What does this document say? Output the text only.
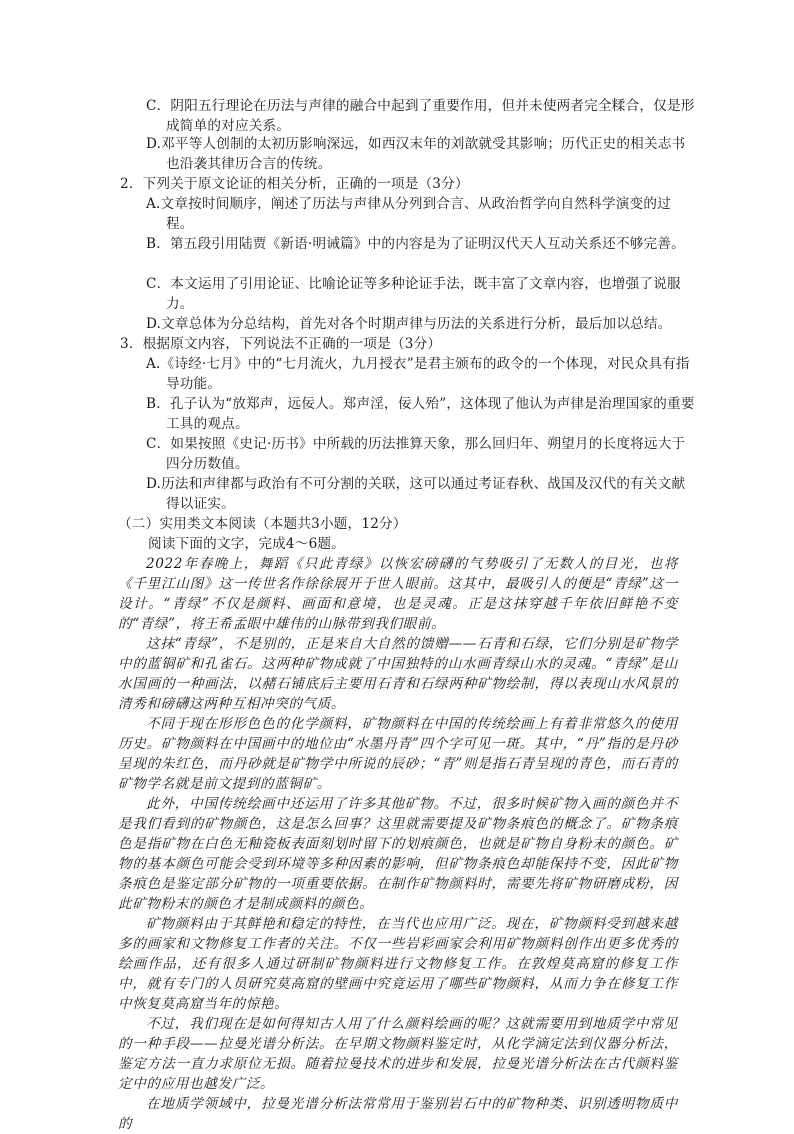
C．阴阳五行理论在历法与声律的融合中起到了重要作用，但并未使两者完全糅合，仅是形成简单的对应关系。
D.邓平等人创制的太初历影响深远，如西汉末年的刘歆就受其影响；历代正史的相关志书也沿袭其律历合言的传统。
2．下列关于原文论证的相关分析，正确的一项是（3分）
A.文章按时间顺序，阐述了历法与声律从分列到合言、从政治哲学向自然科学演变的过程。
B．第五段引用陆贾《新语·明诫篇》中的内容是为了证明汉代天人互动关系还不够完善。
C．本文运用了引用论证、比喻论证等多种论证手法，既丰富了文章内容，也增强了说服力。
D.文章总体为分总结构，首先对各个时期声律与历法的关系进行分析，最后加以总结。
3．根据原文内容，下列说法不正确的一项是（3分）
A.《诗经·七月》中的“七月流火，九月授衣”是君主颁布的政令的一个体现，对民众具有指导功能。
B．孔子认为“放郑声，远佞人。郑声淫，佞人殆”，这体现了他认为声律是治理国家的重要工具的观点。
C．如果按照《史记·历书》中所载的历法推算天象，那么回归年、朔望月的长度将远大于四分历数值。
D.历法和声律都与政治有不可分割的关联，这可以通过考证春秋、战国及汉代的有关文献得以证实。
（二）实用类文本阅读（本题共3小题，12分）
阅读下面的文字，完成4～6题。
2022年春晚上，舞蹈《只此青绿》以恢宏磅礴的气势吸引了无数人的目光，也将《千里江山图》这一传世名作徐徐展开于世人眼前。这其中，最吸引人的便是“青绿”这一设计。“青绿”不仅是颜料、画面和意境，也是灵魂。正是这抹穿越千年依旧鲜艳不变的“青绿”，将王希孟眼中雄伟的山脉带到我们眼前。
这抹“青绿”，不是别的，正是来自大自然的馈赠——石青和石绿，它们分别是矿物学中的蓝铜矿和孔雀石。这两种矿物成就了中国独特的山水画青绿山水的灵魂。“青绿”是山水国画的一种画法，以赭石铺底后主要用石青和石绿两种矿物绘制，得以表现山水风景的清秀和磅礴这两种互相冲突的气质。
不同于现在形形色色的化学颜料，矿物颜料在中国的传统绘画上有着非常悠久的使用历史。矿物颜料在中国画中的地位由“水墨丹青”四个字可见一斑。其中，“丹”指的是丹砂呈现的朱红色，而丹砂就是矿物学中所说的辰砂；“青”则是指石青呈现的青色，而石青的矿物学名就是前文提到的蓝铜矿。
此外，中国传统绘画中还运用了许多其他矿物。不过，很多时候矿物入画的颜色并不是我们看到的矿物颜色，这是怎么回事？这里就需要提及矿物条痕色的概念了。矿物条痕色是指矿物在白色无釉瓷板表面刻划时留下的划痕颜色，也就是矿物自身粉末的颜色。矿物的基本颜色可能会受到环境等多种因素的影响，但矿物条痕色却能保持不变，因此矿物条痕色是鉴定部分矿物的一项重要依据。在制作矿物颜料时，需要先将矿物研磨成粉，因此矿物粉末的颜色才是制成颜料的颜色。
矿物颜料由于其鲜艳和稳定的特性，在当代也应用广泛。现在，矿物颜料受到越来越多的画家和文物修复工作者的关注。不仅一些岩彩画家会利用矿物颜料创作出更多优秀的绘画作品，还有很多人通过研制矿物颜料进行文物修复工作。在敦煌莫高窟的修复工作中，就有专门的人员研究莫高窟的壁画中究竟运用了哪些矿物颜料，从而力争在修复工作中恢复莫高窟当年的惊艳。
不过，我们现在是如何得知古人用了什么颜料绘画的呢？这就需要用到地质学中常见的一种手段——拉曼光谱分析法。在早期文物颜料鉴定时，从化学滴定法到仪器分析法，鉴定方法一直力求原位无损。随着拉曼技术的进步和发展，拉曼光谱分析法在古代颜料鉴定中的应用也越发广泛。
在地质学领域中，拉曼光谱分析法常常用于鉴别岩石中的矿物种类、识别透明物质中的
